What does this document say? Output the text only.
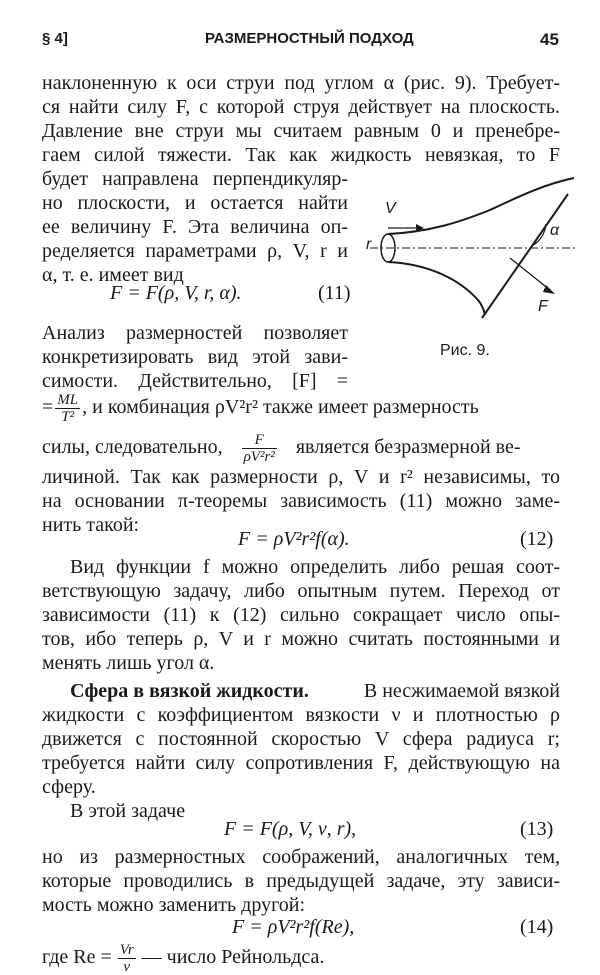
§ 4]	РАЗМЕРНОСТНЫЙ ПОДХОД	45
наклоненную к оси струи под углом α (рис. 9). Требует-
ся найти силу F, с которой струя действует на плоскость.
Давление вне струи мы считаем равным 0 и пренебре-
гаем силой тяжести. Так как жидкость невязкая, то F
будет направлена перпендикуляр-
но плоскости, и остается найти
ее величину F. Эта величина оп-
ределяется параметрами ρ, V, r и
α, т. е. имеет вид
F = F(ρ, V, r, α).	(11)
V
r
α
F
Рис. 9.
Анализ размерностей позволяет
конкретизировать вид этой зави-
симости. Действительно, [F] =
= $\frac{ML}{\text{T²}}$ , и комбинация ρV²r² также имеет размерность
силы, следовательно, $\frac{F}{\text{ρV²r²}}$ является безразмерной ве-
личиной. Так как размерности ρ, V и r² независимы, то
на основании π-теоремы зависимость (11) можно заме-
нить такой:
F = ρV²r²f(α).	(12)
Вид функции f можно определить либо решая соот-
ветствующую задачу, либо опытным путем. Переход от
зависимости (11) к (12) сильно сокращает число опы-
тов, ибо теперь ρ, V и r можно считать постоянными и
менять лишь угол α.
Сфера в вязкой жидкости.	В несжимаемой вязкой
жидкости с коэффициентом вязкости ν и плотностью ρ
движется с постоянной скоростью V сфера радиуса r;
требуется найти силу сопротивления F, действующую на
сферу.
В этой задаче
F = F(ρ, V, ν, r),	(13)
но из размерностных соображений, аналогичных тем,
которые проводились в предыдущей задаче, эту зависи-
мость можно заменить другой:
F = ρV²r²f(Re),	(14)
где $Re = \frac{Vr}{\nu}$ — число Рейнольдса.
